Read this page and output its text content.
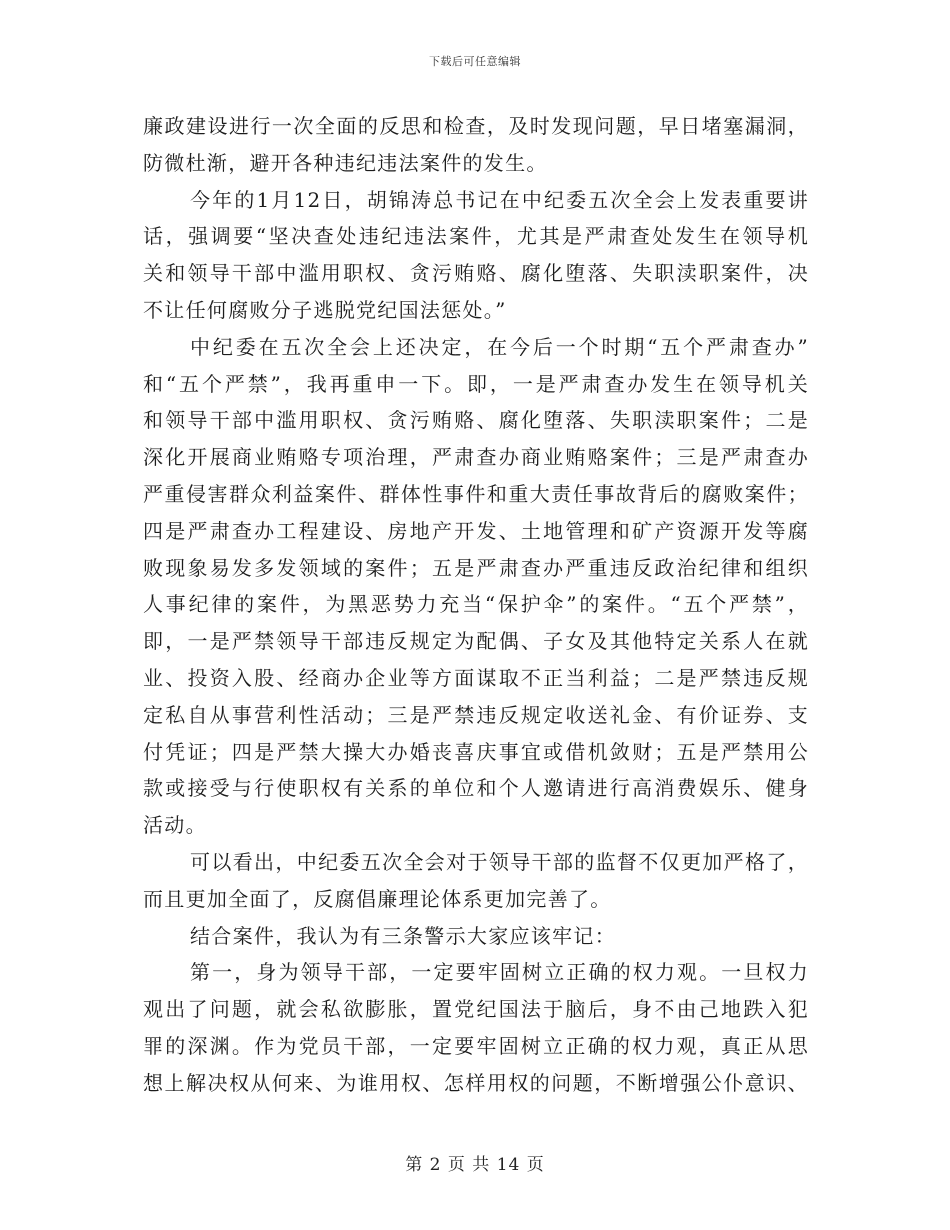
下载后可任意编辑
廉政建设进行一次全面的反思和检查，及时发现问题，早日堵塞漏洞，
防微杜渐，避开各种违纪违法案件的发生。
今年的1月12日，胡锦涛总书记在中纪委五次全会上发表重要讲
话，强调要“坚决查处违纪违法案件，尤其是严肃查处发生在领导机
关和领导干部中滥用职权、贪污贿赂、腐化堕落、失职渎职案件，决
不让任何腐败分子逃脱党纪国法惩处。”
中纪委在五次全会上还决定，在今后一个时期“五个严肃查办”
和“五个严禁”，我再重申一下。即，一是严肃查办发生在领导机关
和领导干部中滥用职权、贪污贿赂、腐化堕落、失职渎职案件；二是
深化开展商业贿赂专项治理，严肃查办商业贿赂案件；三是严肃查办
严重侵害群众利益案件、群体性事件和重大责任事故背后的腐败案件；
四是严肃查办工程建设、房地产开发、土地管理和矿产资源开发等腐
败现象易发多发领域的案件；五是严肃查办严重违反政治纪律和组织
人事纪律的案件，为黑恶势力充当“保护伞”的案件。“五个严禁”，
即，一是严禁领导干部违反规定为配偶、子女及其他特定关系人在就
业、投资入股、经商办企业等方面谋取不正当利益；二是严禁违反规
定私自从事营利性活动；三是严禁违反规定收送礼金、有价证券、支
付凭证；四是严禁大操大办婚丧喜庆事宜或借机敛财；五是严禁用公
款或接受与行使职权有关系的单位和个人邀请进行高消费娱乐、健身
活动。
可以看出，中纪委五次全会对于领导干部的监督不仅更加严格了，
而且更加全面了，反腐倡廉理论体系更加完善了。
结合案件，我认为有三条警示大家应该牢记：
第一，身为领导干部，一定要牢固树立正确的权力观。一旦权力
观出了问题，就会私欲膨胀，置党纪国法于脑后，身不由己地跌入犯
罪的深渊。作为党员干部，一定要牢固树立正确的权力观，真正从思
想上解决权从何来、为谁用权、怎样用权的问题，不断增强公仆意识、
第 2 页 共 14 页
